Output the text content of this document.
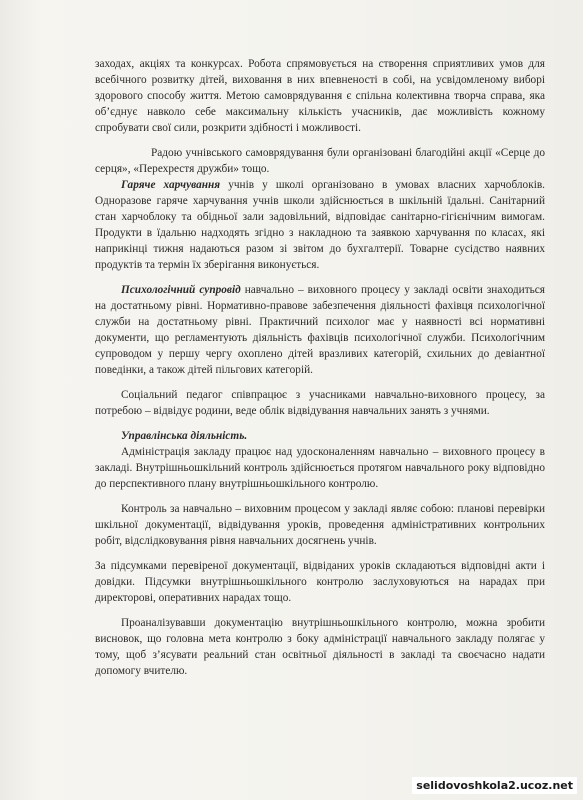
заходах, акціях та конкурсах. Робота спрямовується на створення сприятливих умов для всебічного розвитку дітей, виховання в них впевненості в собі, на усвідомленому виборі здорового способу життя. Метою самоврядування є спільна колективна творча справа, яка об’єднує навколо себе максимальну кількість учасників, дає можливість кожному спробувати свої сили, розкрити здібності і можливості.

Радою учнівського самоврядування були організовані благодійні акції «Серце до серця», «Перехрестя дружби» тощо.

Гаряче харчування учнів у школі організовано в умовах власних харчоблоків. Одноразове гаряче харчування учнів школи здійснюється в шкільній їдальні. Санітарний стан харчоблоку та обідньої зали задовільний, відповідає санітарно-гігієнічним вимогам. Продукти в їдальню надходять згідно з накладною та заявкою харчування по класах, які наприкінці тижня надаються разом зі звітом до бухгалтерії. Товарне сусідство наявних продуктів та термін їх зберігання виконується.

Психологічний супровід навчально – виховного процесу у закладі освіти знаходиться на достатньому рівні. Нормативно-правове забезпечення діяльності фахівця психологічної служби на достатньому рівні. Практичний психолог має у наявності всі нормативні документи, що регламентують діяльність фахівців психологічної служби. Психологічним супроводом у першу чергу охоплено дітей вразливих категорій, схильних до девіантної поведінки, а також дітей пільгових категорій.

Соціальний педагог співпрацює з учасниками навчально-виховного процесу, за потребою – відвідує родини, веде облік відвідування навчальних занять з учнями.

Управлінська діяльність.

Адміністрація закладу працює над удосконаленням навчально – виховного процесу в закладі. Внутрішньошкільний контроль здійснюється протягом навчального року відповідно до перспективного плану внутрішньошкільного контролю.

Контроль за навчально – виховним процесом у закладі являє собою: планові перевірки шкільної документації, відвідування уроків, проведення адміністративних контрольних робіт, відслідковування рівня навчальних досягнень учнів.

За підсумками перевіреної документації, відвіданих уроків складаються відповідні акти і довідки. Підсумки внутрішньошкільного контролю заслуховуються на нарадах при директорові, оперативних нарадах тощо.

Проаналізувавши документацію внутрішньошкільного контролю, можна зробити висновок, що головна мета контролю з боку адміністрації навчального закладу полягає у тому, щоб з’ясувати реальний стан освітньої діяльності в закладі та своєчасно надати допомогу вчителю.

selidovoshkola2.ucoz.net
